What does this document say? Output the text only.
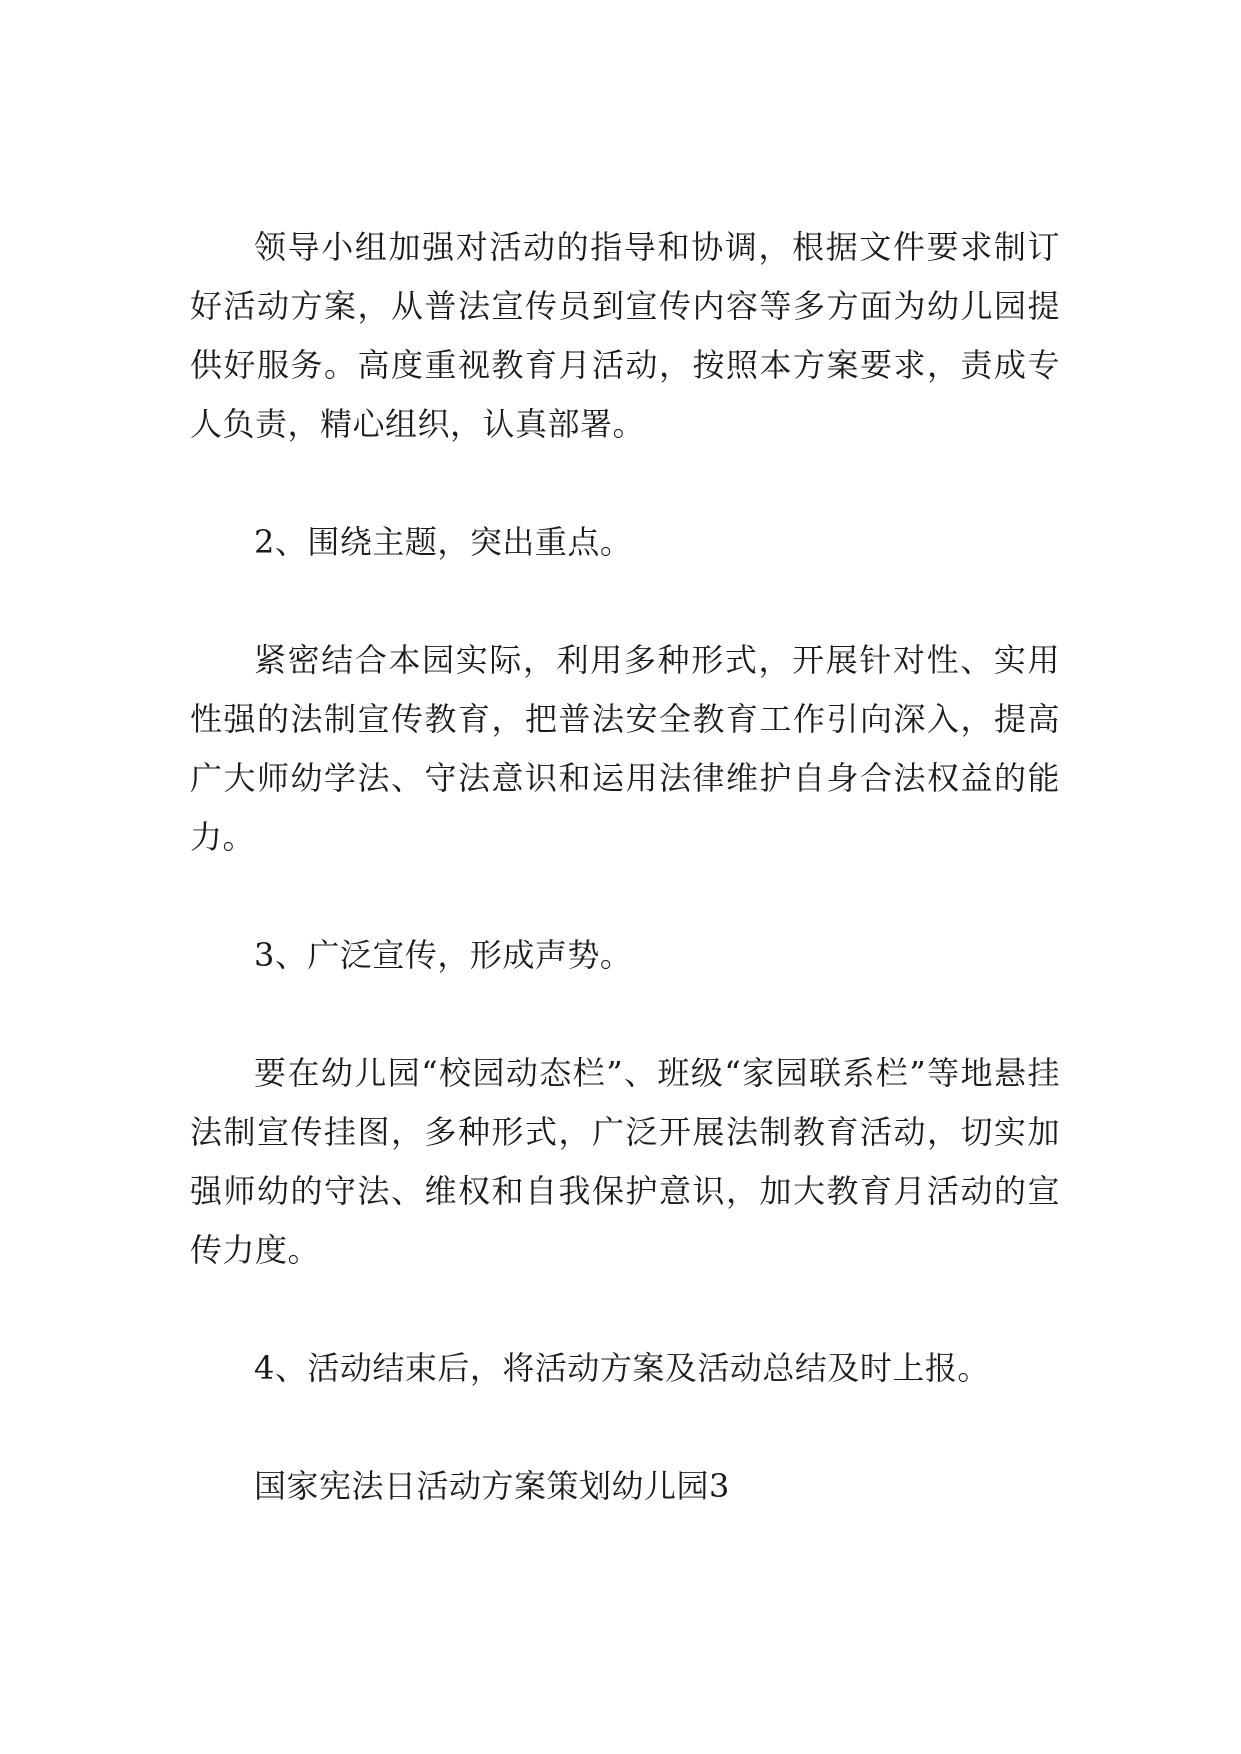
领导小组加强对活动的指导和协调，根据文件要求制订好活动方案，从普法宣传员到宣传内容等多方面为幼儿园提供好服务。高度重视教育月活动，按照本方案要求，责成专人负责，精心组织，认真部署。

2、围绕主题，突出重点。

紧密结合本园实际，利用多种形式，开展针对性、实用性强的法制宣传教育，把普法安全教育工作引向深入，提高广大师幼学法、守法意识和运用法律维护自身合法权益的能力。

3、广泛宣传，形成声势。

要在幼儿园“校园动态栏”、班级“家园联系栏”等地悬挂法制宣传挂图，多种形式，广泛开展法制教育活动，切实加强师幼的守法、维权和自我保护意识，加大教育月活动的宣传力度。

4、活动结束后，将活动方案及活动总结及时上报。

国家宪法日活动方案策划幼儿园3
